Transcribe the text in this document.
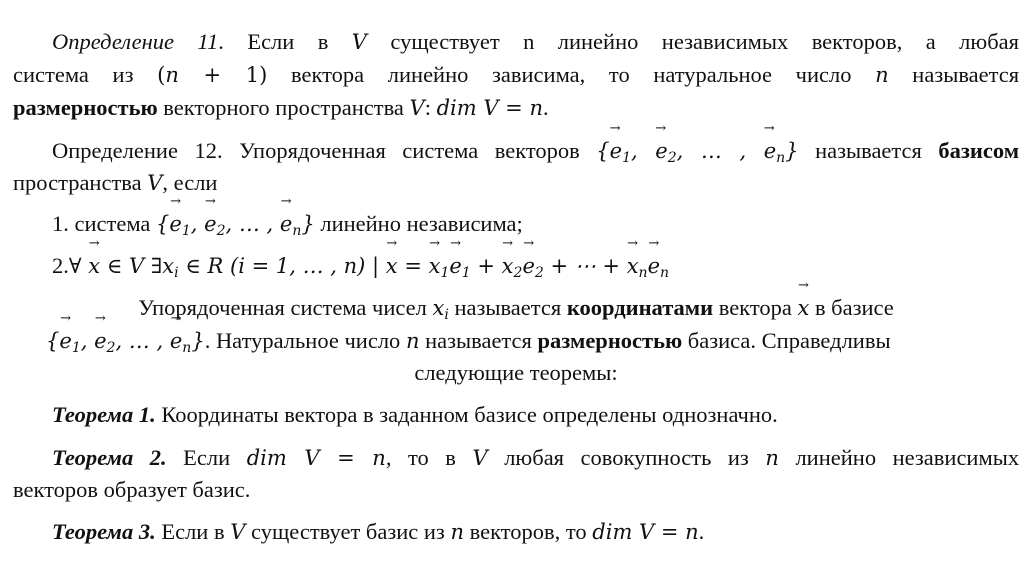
Определение 11. Если в V существует n линейно независимых векторов, а любая
система из (n + 1) вектора линейно зависима, то натуральное число n называется
размерностью векторного пространства V: dim V = n.
Определение 12. Упорядоченная система векторов {→ $e_1$, → $e_2$, … , → $e_n$} называется базисом
пространства V, если
1. система {→ $e_1$, → $e_2$, … , → $e_n$} линейно независима;
2.∀ → x ∈ V $\exists x_i$ ∈ R (i = 1, … , n) | → x = → $x_1\to e_1$ + → $x_2\to e_2$ + ⋯ + → $x_n\to e_n$
Упорядоченная система чисел $x_i$ называется координатами вектора → x в базисе
{→ $e_1$, → $e_2$, … , → $e_n$}. Натуральное число n называется размерностью базиса. Справедливы
следующие теоремы:
Теорема 1. Координаты вектора в заданном базисе определены однозначно.
Теорема 2. Если dim V = n, то в V любая совокупность из n линейно независимых
векторов образует базис.
Теорема 3. Если в V существует базис из n векторов, то dim V = n.
